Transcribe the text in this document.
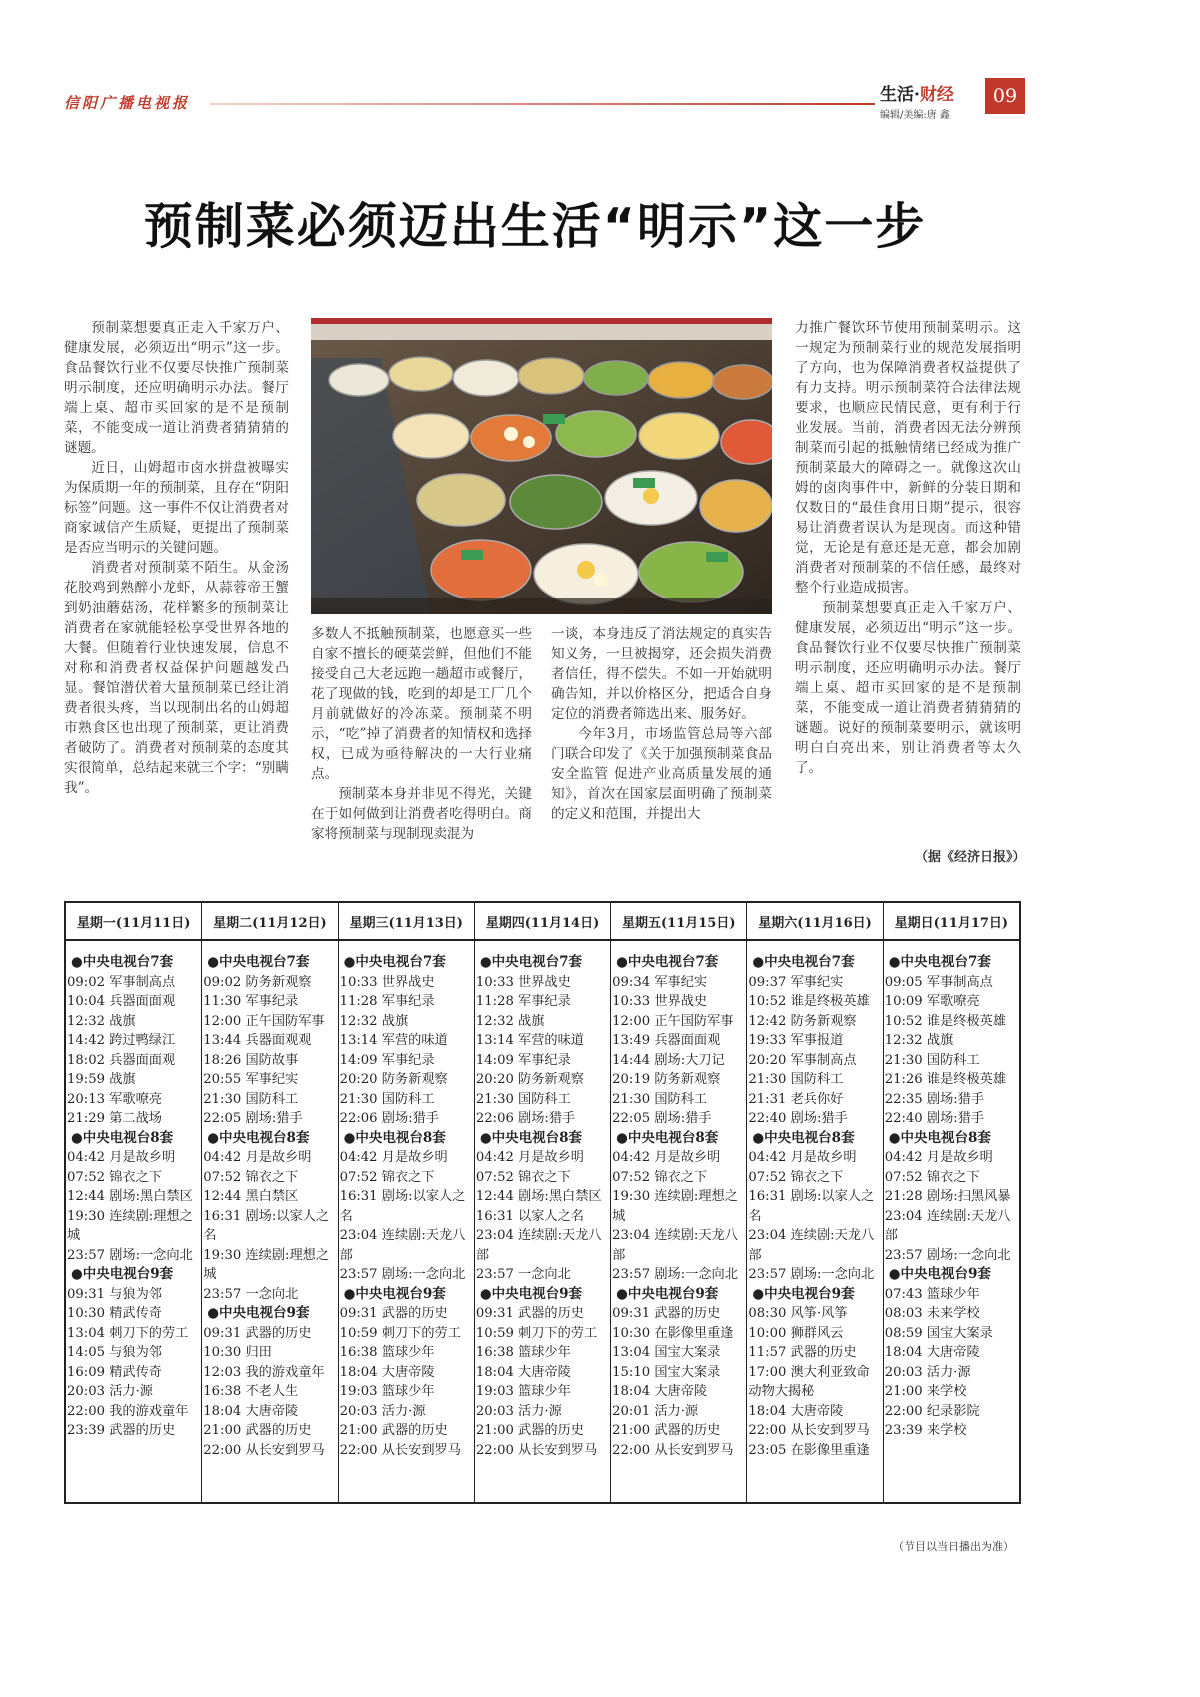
信阳广播电视报	生活·财经
编辑/美编:唐 鑫
09
预制菜必须迈出生活“明示”这一步

预制菜想要真正走入千家万户、健康发展，必须迈出“明示”这一步。食品餐饮行业不仅要尽快推广预制菜明示制度，还应明确明示办法。餐厅端上桌、超市买回家的是不是预制菜，不能变成一道让消费者猜猜猜的谜题。

近日，山姆超市卤水拼盘被曝实为保质期一年的预制菜，且存在“阴阳标签”问题。这一事件不仅让消费者对商家诚信产生质疑，更提出了预制菜是否应当明示的关键问题。

消费者对预制菜不陌生。从金汤花胶鸡到熟醉小龙虾，从蒜蓉帝王蟹到奶油蘑菇汤，花样繁多的预制菜让消费者在家就能轻松享受世界各地的大餐。但随着行业快速发展，信息不对称和消费者权益保护问题越发凸显。餐馆潜伏着大量预制菜已经让消费者很头疼，当以现制出名的山姆超市熟食区也出现了预制菜，更让消费者破防了。消费者对预制菜的态度其实很简单，总结起来就三个字：“别瞒我”。

多数人不抵触预制菜，也愿意买一些自家不擅长的硬菜尝鲜，但他们不能接受自己大老远跑一趟超市或餐厅，花了现做的钱，吃到的却是工厂几个月前就做好的冷冻菜。预制菜不明示，“吃”掉了消费者的知情权和选择权，已成为亟待解决的一大行业痛点。

预制菜本身并非见不得光，关键在于如何做到让消费者吃得明白。商家将预制菜与现制现卖混为

一谈，本身违反了消法规定的真实告知义务，一旦被揭穿，还会损失消费者信任，得不偿失。不如一开始就明确告知，并以价格区分，把适合自身定位的消费者筛选出来、服务好。

今年3月，市场监管总局等六部门联合印发了《关于加强预制菜食品安全监管 促进产业高质量发展的通知》，首次在国家层面明确了预制菜的定义和范围，并提出大

力推广餐饮环节使用预制菜明示。这一规定为预制菜行业的规范发展指明了方向，也为保障消费者权益提供了有力支持。明示预制菜符合法律法规要求，也顺应民情民意，更有利于行业发展。当前，消费者因无法分辨预制菜而引起的抵触情绪已经成为推广预制菜最大的障碍之一。就像这次山姆的卤肉事件中，新鲜的分装日期和仅数日的“最佳食用日期”提示，很容易让消费者误认为是现卤。而这种错觉，无论是有意还是无意，都会加剧消费者对预制菜的不信任感，最终对整个行业造成损害。

预制菜想要真正走入千家万户、健康发展，必须迈出“明示”这一步。食品餐饮行业不仅要尽快推广预制菜明示制度，还应明确明示办法。餐厅端上桌、超市买回家的是不是预制菜，不能变成一道让消费者猜猜猜的谜题。说好的预制菜要明示，就该明明白白亮出来，别让消费者等太久了。

（据《经济日报》）
星期一(11月11日)
●中央电视台7套
09:02 军事制高点
10:04 兵器面面观
12:32 战旗
14:42 跨过鸭绿江
18:02 兵器面面观
19:59 战旗
20:13 军歌嘹亮
21:29 第二战场
●中央电视台8套
04:42 月是故乡明
07:52 锦衣之下
12:44 剧场:黑白禁区
19:30 连续剧:理想之城
23:57 剧场:一念向北
●中央电视台9套
09:31 与狼为邻
10:30 精武传奇
13:04 刺刀下的劳工
14:05 与狼为邻
16:09 精武传奇
20:03 活力·源
22:00 我的游戏童年
23:39 武器的历史
星期二(11月12日)
●中央电视台7套
09:02 防务新观察
11:30 军事纪录
12:00 正午国防军事
13:44 兵器面观观
18:26 国防故事
20:55 军事纪实
21:30 国防科工
22:05 剧场:猎手
●中央电视台8套
04:42 月是故乡明
07:52 锦衣之下
12:44 黑白禁区
16:31 剧场:以家人之名
19:30 连续剧:理想之城
23:57 一念向北
●中央电视台9套
09:31 武器的历史
10:30 归田
12:03 我的游戏童年
16:38 不老人生
18:04 大唐帝陵
21:00 武器的历史
22:00 从长安到罗马
星期三(11月13日)
●中央电视台7套
10:33 世界战史
11:28 军事纪录
12:32 战旗
13:14 军营的味道
14:09 军事纪录
20:20 防务新观察
21:30 国防科工
22:06 剧场:猎手
●中央电视台8套
04:42 月是故乡明
07:52 锦衣之下
16:31 剧场:以家人之名
23:04 连续剧:天龙八部
23:57 剧场:一念向北
●中央电视台9套
09:31 武器的历史
10:59 刺刀下的劳工
16:38 篮球少年
18:04 大唐帝陵
19:03 篮球少年
20:03 活力·源
21:00 武器的历史
22:00 从长安到罗马
星期四(11月14日)
●中央电视台7套
10:33 世界战史
11:28 军事纪录
12:32 战旗
13:14 军营的味道
14:09 军事纪录
20:20 防务新观察
21:30 国防科工
22:06 剧场:猎手
●中央电视台8套
04:42 月是故乡明
07:52 锦衣之下
12:44 剧场:黑白禁区
16:31 以家人之名
23:04 连续剧:天龙八部
23:57 一念向北
●中央电视台9套
09:31 武器的历史
10:59 刺刀下的劳工
16:38 篮球少年
18:04 大唐帝陵
19:03 篮球少年
20:03 活力·源
21:00 武器的历史
22:00 从长安到罗马
星期五(11月15日)
●中央电视台7套
09:34 军事纪实
10:33 世界战史
12:00 正午国防军事
13:49 兵器面面观
14:44 剧场:大刀记
20:19 防务新观察
21:30 国防科工
22:05 剧场:猎手
●中央电视台8套
04:42 月是故乡明
07:52 锦衣之下
19:30 连续剧:理想之城
23:04 连续剧:天龙八部
23:57 剧场:一念向北
●中央电视台9套
09:31 武器的历史
10:30 在影像里重逢
13:04 国宝大案录
15:10 国宝大案录
18:04 大唐帝陵
20:01 活力·源
21:00 武器的历史
22:00 从长安到罗马
星期六(11月16日)
●中央电视台7套
09:37 军事纪实
10:52 谁是终极英雄
12:42 防务新观察
19:33 军事报道
20:20 军事制高点
21:30 国防科工
21:31 老兵你好
22:40 剧场:猎手
●中央电视台8套
04:42 月是故乡明
07:52 锦衣之下
16:31 剧场:以家人之名
23:04 连续剧:天龙八部
23:57 剧场:一念向北
●中央电视台9套
08:30 风筝·风筝
10:00 狮群风云
11:57 武器的历史
17:00 澳大利亚致命动物大揭秘
18:04 大唐帝陵
22:00 从长安到罗马
23:05 在影像里重逢
星期日(11月17日)
●中央电视台7套
09:05 军事制高点
10:09 军歌嘹亮
10:52 谁是终极英雄
12:32 战旗
21:30 国防科工
21:26 谁是终极英雄
22:35 剧场:猎手
22:40 剧场:猎手
●中央电视台8套
04:42 月是故乡明
07:52 锦衣之下
21:28 剧场:扫黑风暴
23:04 连续剧:天龙八部
23:57 剧场:一念向北
●中央电视台9套
07:43 篮球少年
08:03 未来学校
08:59 国宝大案录
18:04 大唐帝陵
20:03 活力·源
21:00 来学校
22:00 纪录影院
23:39 来学校
（节目以当日播出为准）
